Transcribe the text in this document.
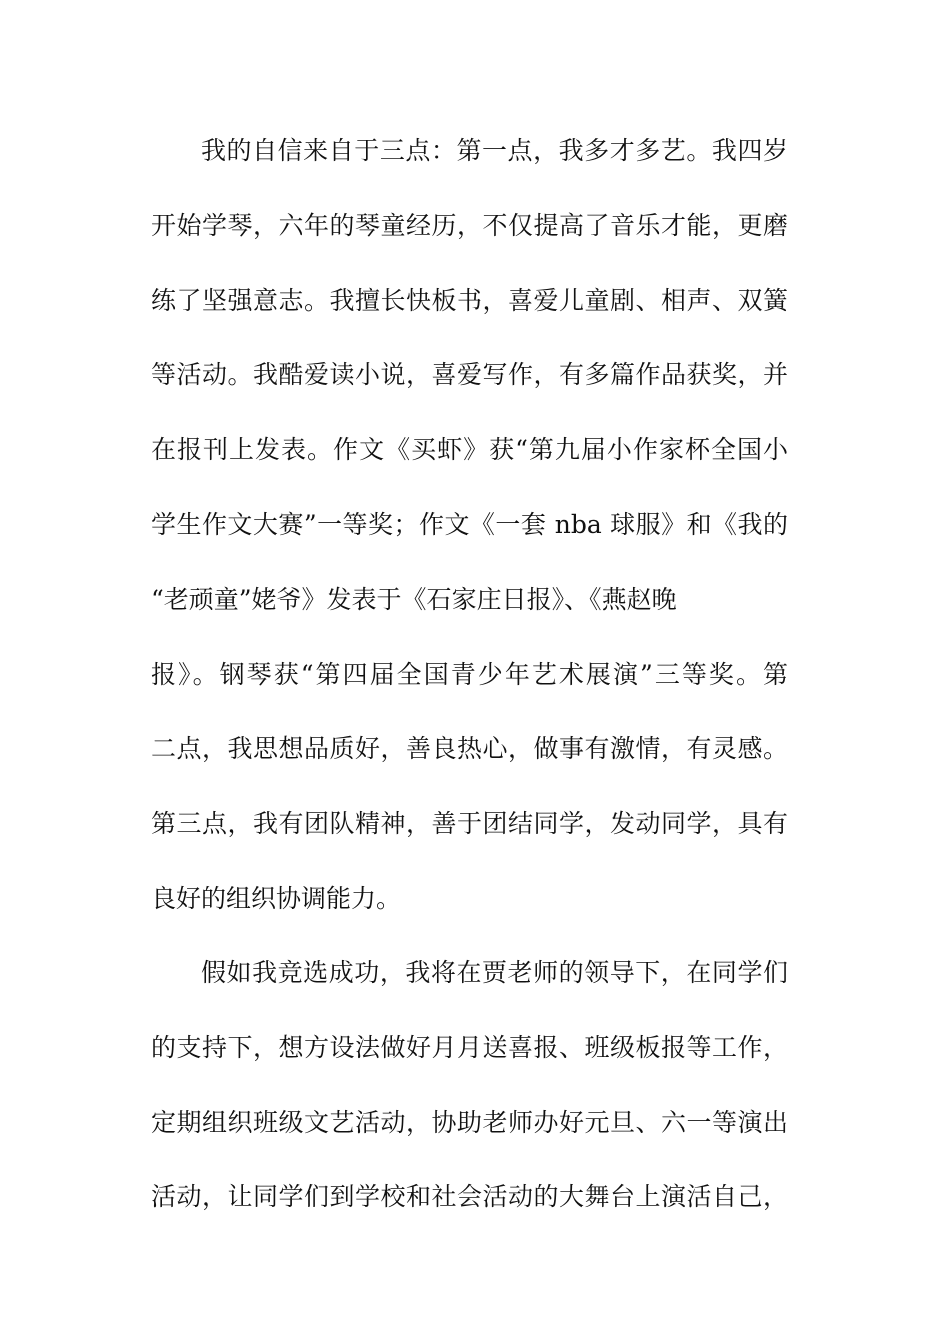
我的自信来自于三点：第一点，我多才多艺。我四岁
开始学琴，六年的琴童经历，不仅提高了音乐才能，更磨
练了坚强意志。我擅长快板书，喜爱儿童剧、相声、双簧
等活动。我酷爱读小说，喜爱写作，有多篇作品获奖，并
在报刊上发表。作文《买虾》获“第九届小作家杯全国小
学生作文大赛”一等奖；作文《一套 nba 球服》和《我的
“老顽童”姥爷》发表于《石家庄日报》、《燕赵晚
报》。钢琴获“第四届全国青少年艺术展演”三等奖。第
二点，我思想品质好，善良热心，做事有激情，有灵感。
第三点，我有团队精神，善于团结同学，发动同学，具有
良好的组织协调能力。
假如我竞选成功，我将在贾老师的领导下，在同学们
的支持下，想方设法做好月月送喜报、班级板报等工作，
定期组织班级文艺活动，协助老师办好元旦、六一等演出
活动，让同学们到学校和社会活动的大舞台上演活自己，
